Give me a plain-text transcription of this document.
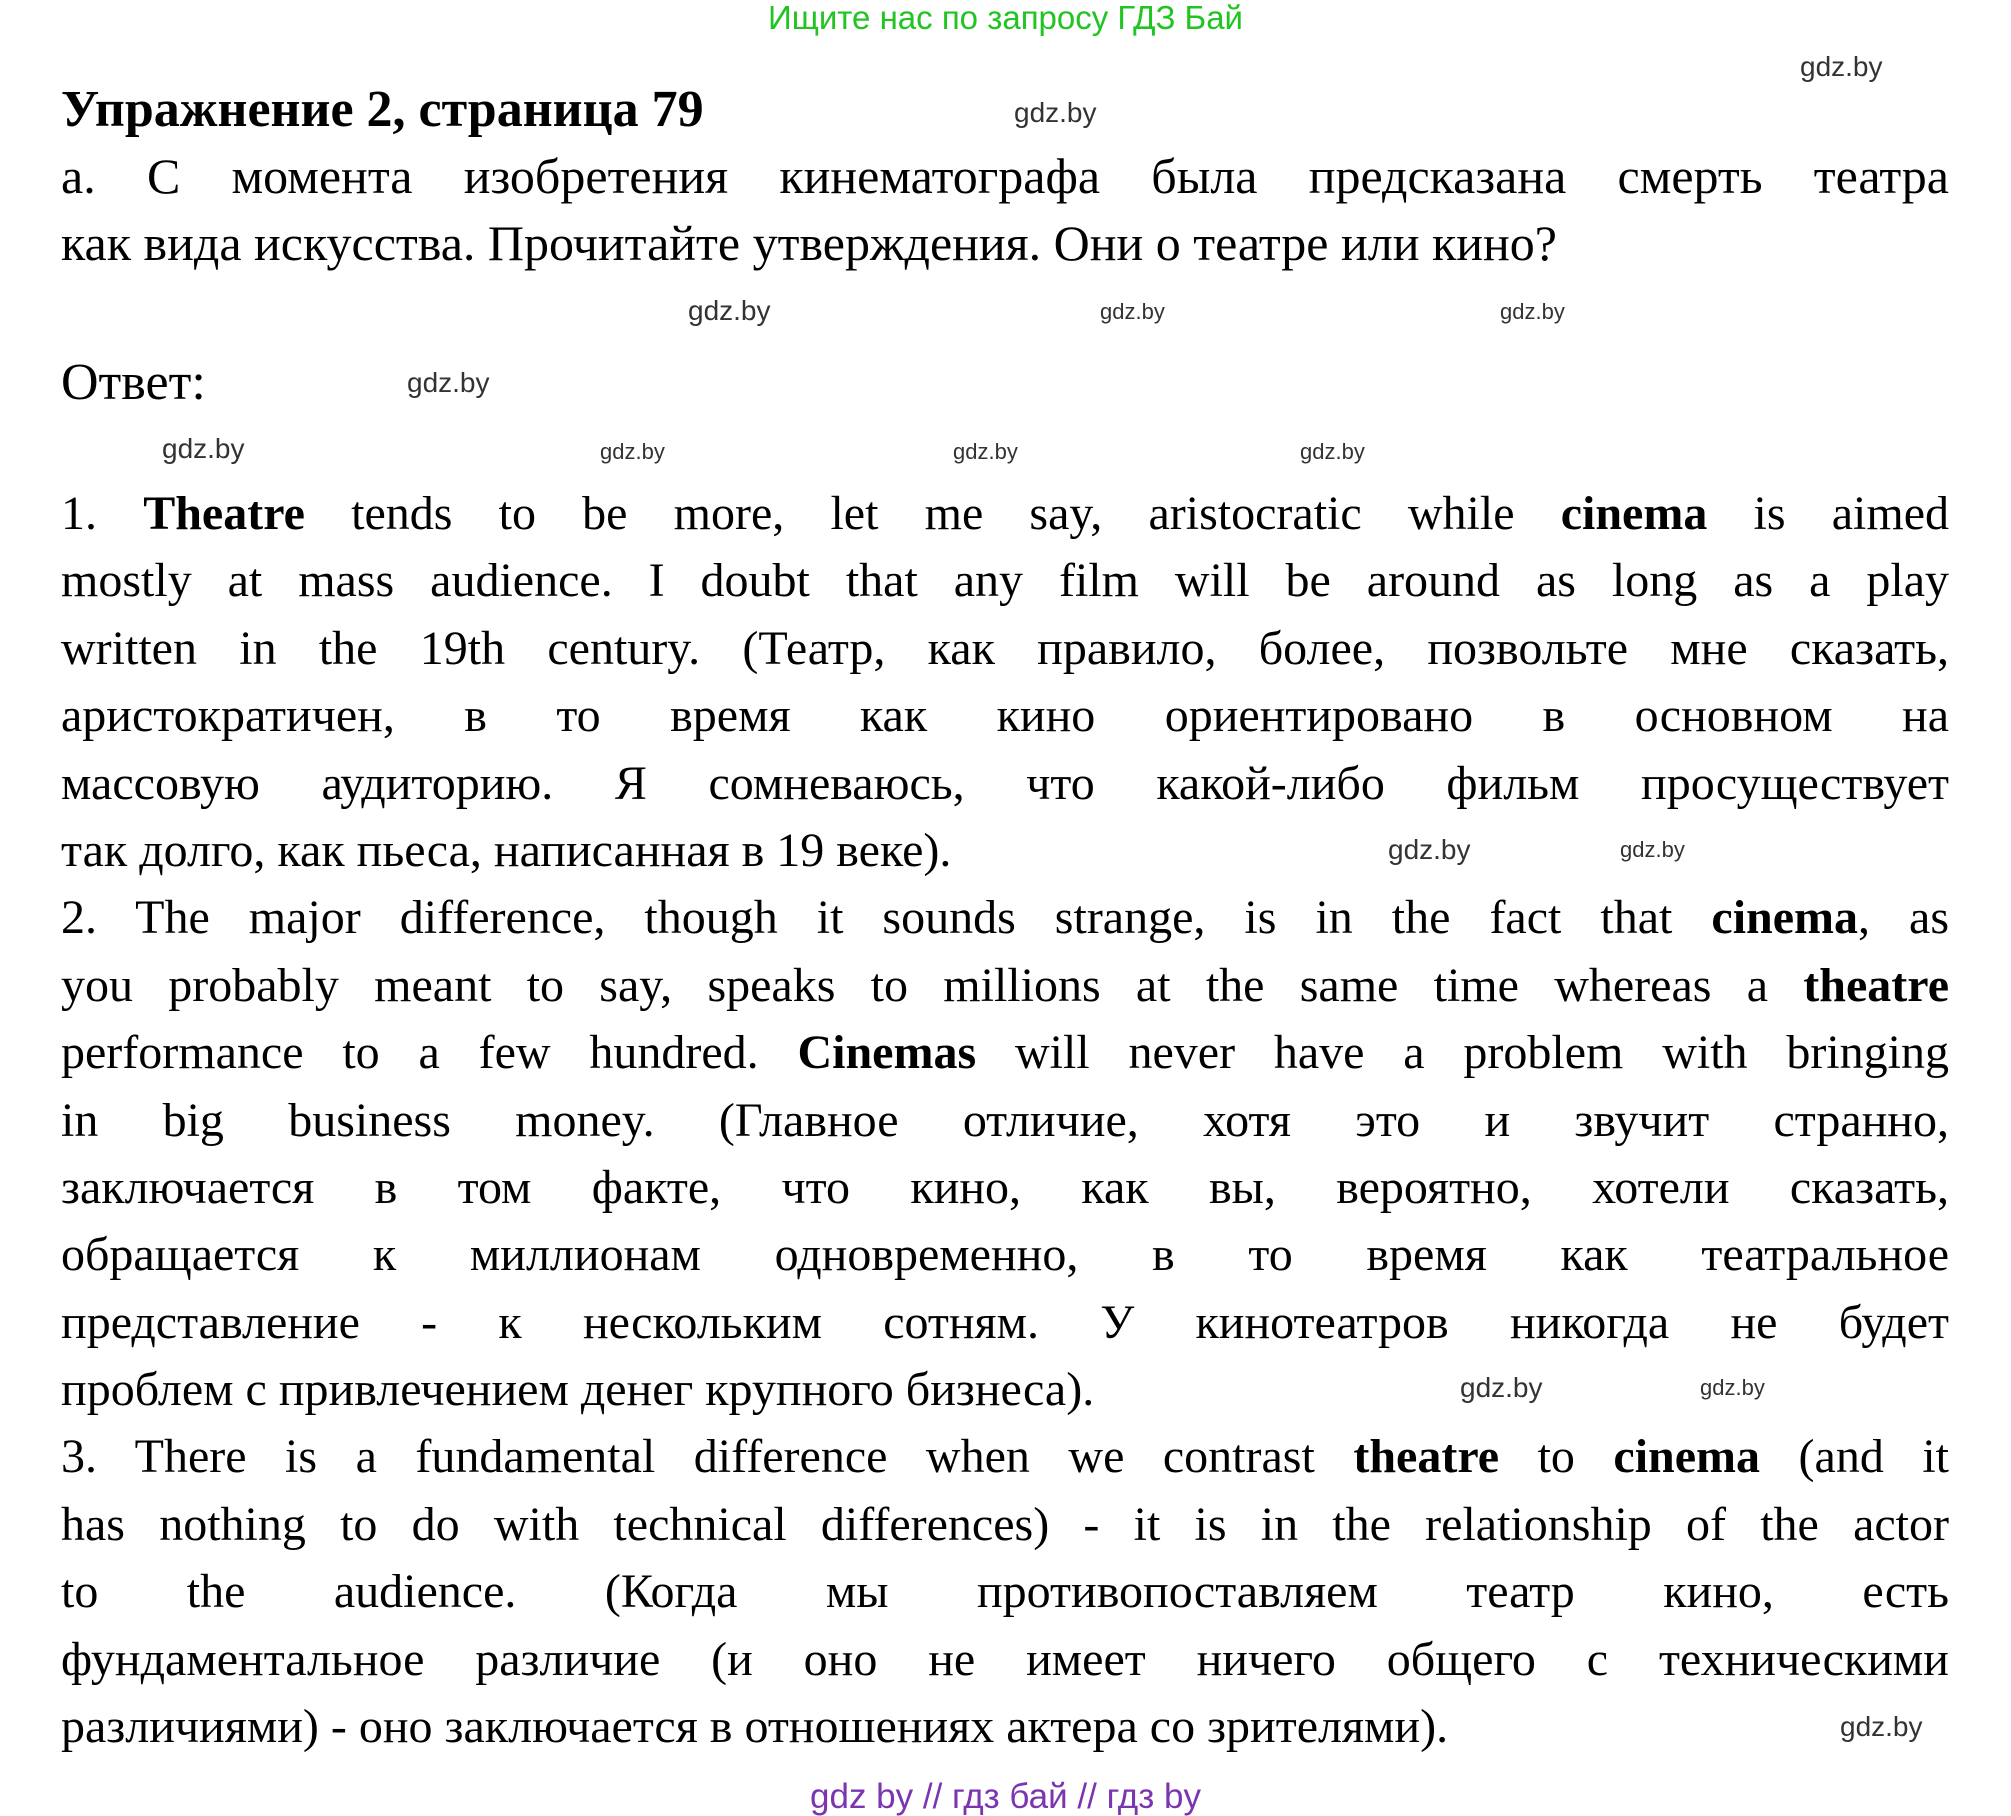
Ищите нас по запросу ГДЗ Бай
Упражнение 2, страница 79
а. С момента изобретения кинематографа была предсказана смерть театра
как вида искусства. Прочитайте утверждения. Они о театре или кино?
Ответ:
1. Theatre tends to be more, let me say, aristocratic while cinema is aimed
mostly at mass audience. I doubt that any film will be around as long as a play
written in the 19th century. (Театр, как правило, более, позвольте мне сказать,
аристократичен, в то время как кино ориентировано в основном на
массовую аудиторию. Я сомневаюсь, что какой-либо фильм просуществует
так долго, как пьеса, написанная в 19 веке).
2. The major difference, though it sounds strange, is in the fact that cinema, as
you probably meant to say, speaks to millions at the same time whereas a theatre
performance to a few hundred. Cinemas will never have a problem with bringing
in big business money. (Главное отличие, хотя это и звучит странно,
заключается в том факте, что кино, как вы, вероятно, хотели сказать,
обращается к миллионам одновременно, в то время как театральное
представление - к нескольким сотням. У кинотеатров никогда не будет
проблем с привлечением денег крупного бизнеса).
3. There is a fundamental difference when we contrast theatre to cinema (and it
has nothing to do with technical differences) - it is in the relationship of the actor
to the audience. (Когда мы противопоставляем театр кино, есть
фундаментальное различие (и оно не имеет ничего общего с техническими
различиями) - оно заключается в отношениях актера со зрителями).
gdz.by
gdz.by
gdz.by	gdz.by	gdz.by
gdz.by
gdz.by	gdz.by	gdz.by	gdz.by
gdz.by	gdz.by
gdz.by	gdz.by
gdz.by
gdz by // гдз бай // гдз by
